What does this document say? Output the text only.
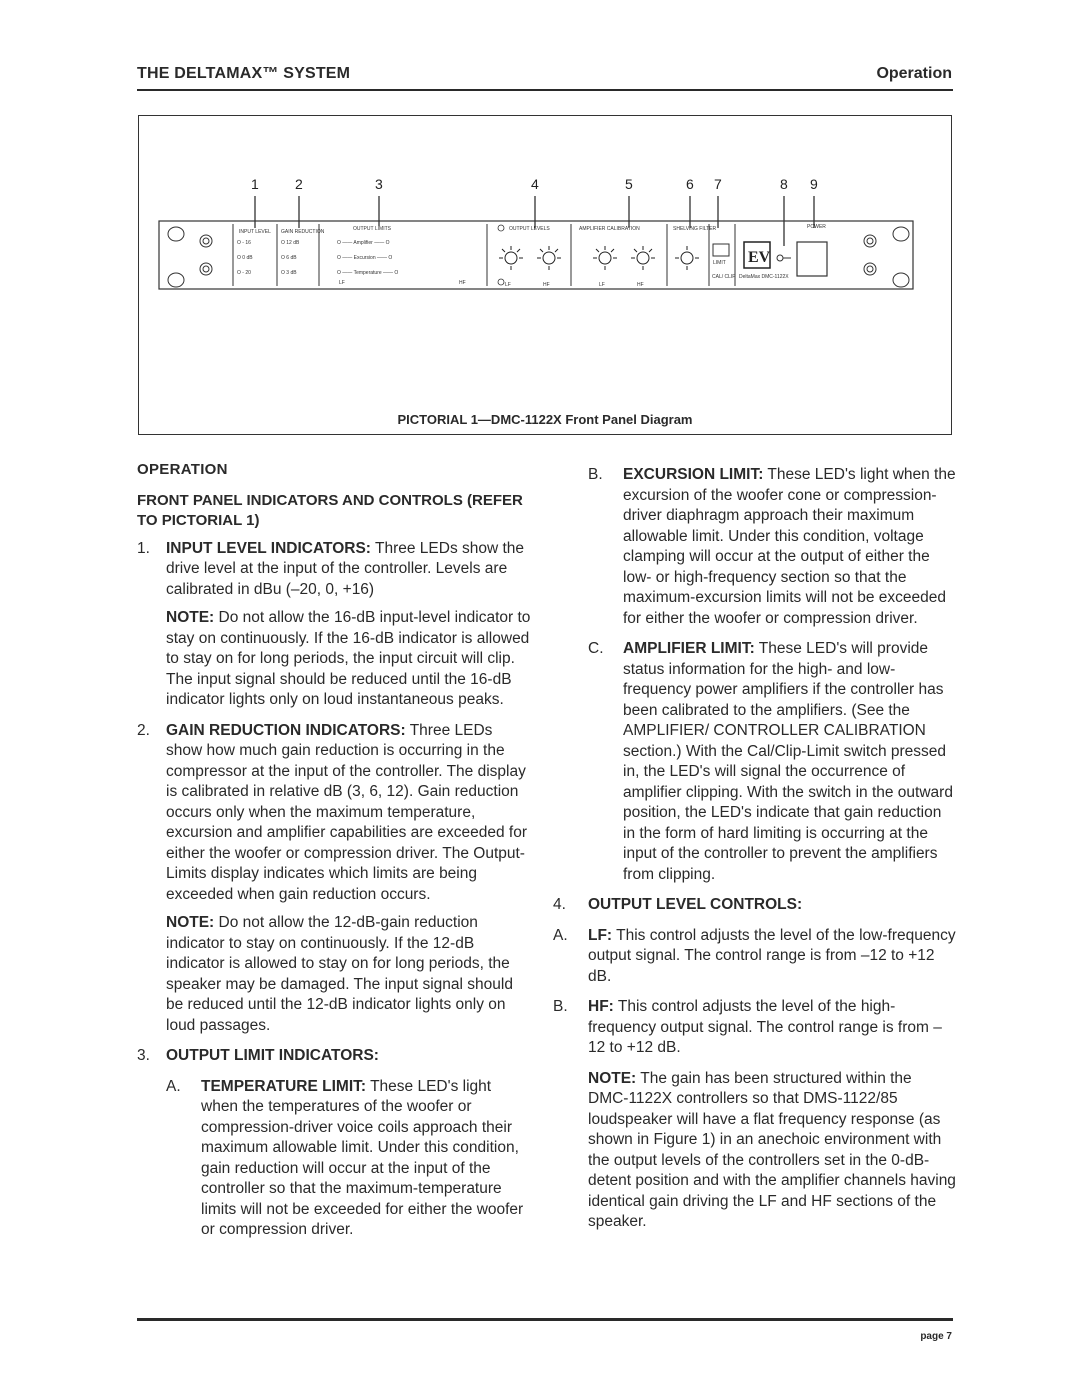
THE DELTAMAX™ SYSTEM	Operation
1	2	3	4	5	6 7	8 9
INPUT LEVEL GAIN REDUCTION
O - 16
O 0 dB
O - 20
O 12 dB
O 6 dB
O 3 dB
OUTPUT LIMITS
O —— Amplifier —— O
O —— Excursion —— O
O —— Temperature —— O
LF	HF
OUTPUT LEVELS
LF	HF
AMPLIFIER CALIBRATION
LF	HF
SHELVING FILTER
LIMIT
CAL/ CLIP DeltaMax DMC-1122X
POWER
EV
PICTORIAL 1—DMC-1122X Front Panel Diagram
OPERATION
FRONT PANEL INDICATORS AND CONTROLS (REFER TO PICTORIAL 1)
1. INPUT LEVEL INDICATORS: Three LEDs show the drive level at the input of the controller. Levels are calibrated in dBu (–20, 0, +16)
NOTE: Do not allow the 16-dB input-level indicator to stay on continuously. If the 16-dB indicator is allowed to stay on for long periods, the input circuit will clip. The input signal should be reduced until the 16-dB indicator lights only on loud instantaneous peaks.
2. GAIN REDUCTION INDICATORS: Three LEDs show how much gain reduction is occurring in the compressor at the input of the controller. The display is calibrated in relative dB (3, 6, 12). Gain reduction occurs only when the maximum temperature, excursion and amplifier capabilities are exceeded for either the woofer or compression driver. The Output-Limits display indicates which limits are being exceeded when gain reduction occurs.
NOTE: Do not allow the 12-dB-gain reduction indicator to stay on continuously. If the 12-dB indicator is allowed to stay on for long periods, the speaker may be damaged. The input signal should be reduced until the 12-dB indicator lights only on loud passages.
3. OUTPUT LIMIT INDICATORS:
A. TEMPERATURE LIMIT: These LED's light when the temperatures of the woofer or compression-driver voice coils approach their maximum allowable limit. Under this condition, gain reduction will occur at the input of the controller so that the maximum-temperature limits will not be exceeded for either the woofer or compression driver.
B. EXCURSION LIMIT: These LED's light when the excursion of the woofer cone or compression-driver diaphragm approach their maximum allowable limit. Under this condition, voltage clamping will occur at the output of either the low- or high-frequency section so that the maximum-excursion limits will not be exceeded for either the woofer or compression driver.
C. AMPLIFIER LIMIT: These LED's will provide status information for the high- and low-frequency power amplifiers if the controller has been calibrated to the amplifiers. (See the AMPLIFIER/ CONTROLLER CALIBRATION section.) With the Cal/Clip-Limit switch pressed in, the LED's will signal the occurrence of amplifier clipping. With the switch in the outward position, the LED's indicate that gain reduction in the form of hard limiting is occurring at the input of the controller to prevent the amplifiers from clipping.
4. OUTPUT LEVEL CONTROLS:
A. LF: This control adjusts the level of the low-frequency output signal. The control range is from –12 to +12 dB.
B. HF: This control adjusts the level of the high-frequency output signal. The control range is from –12 to +12 dB.
NOTE: The gain has been structured within the DMC-1122X controllers so that DMS-1122/85 loudspeaker will have a flat frequency response (as shown in Figure 1) in an anechoic environment with the output levels of the controllers set in the 0-dB-detent position and with the amplifier channels having identical gain driving the LF and HF sections of the speaker.
page 7
